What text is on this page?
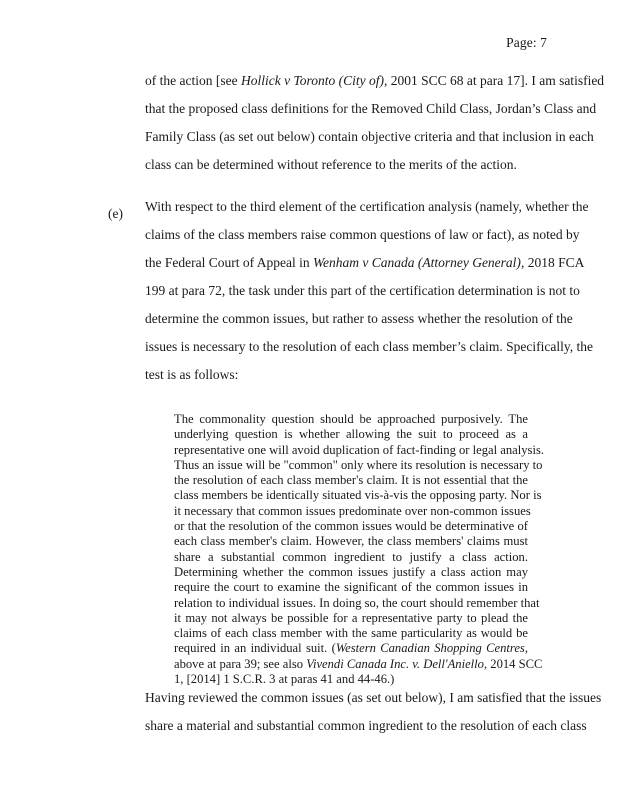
Page: 7
of the action [see Hollick v Toronto (City of), 2001 SCC 68 at para 17]. I am satisfied
that the proposed class definitions for the Removed Child Class, Jordan’s Class and
Family Class (as set out below) contain objective criteria and that inclusion in each
class can be determined without reference to the merits of the action.
(e) With respect to the third element of the certification analysis (namely, whether the
claims of the class members raise common questions of law or fact), as noted by
the Federal Court of Appeal in Wenham v Canada (Attorney General), 2018 FCA
199 at para 72, the task under this part of the certification determination is not to
determine the common issues, but rather to assess whether the resolution of the
issues is necessary to the resolution of each class member’s claim. Specifically, the
test is as follows:
The commonality question should be approached purposively. The
underlying question is whether allowing the suit to proceed as a
representative one will avoid duplication of fact-finding or legal analysis.
Thus an issue will be "common" only where its resolution is necessary to
the resolution of each class member's claim. It is not essential that the
class members be identically situated vis-à-vis the opposing party. Nor is
it necessary that common issues predominate over non-common issues
or that the resolution of the common issues would be determinative of
each class member's claim. However, the class members' claims must
share a substantial common ingredient to justify a class action.
Determining whether the common issues justify a class action may
require the court to examine the significant of the common issues in
relation to individual issues. In doing so, the court should remember that
it may not always be possible for a representative party to plead the
claims of each class member with the same particularity as would be
required in an individual suit. (Western Canadian Shopping Centres,
above at para 39; see also Vivendi Canada Inc. v. Dell'Aniello, 2014 SCC
1, [2014] 1 S.C.R. 3 at paras 41 and 44-46.)
Having reviewed the common issues (as set out below), I am satisfied that the issues
share a material and substantial common ingredient to the resolution of each class
